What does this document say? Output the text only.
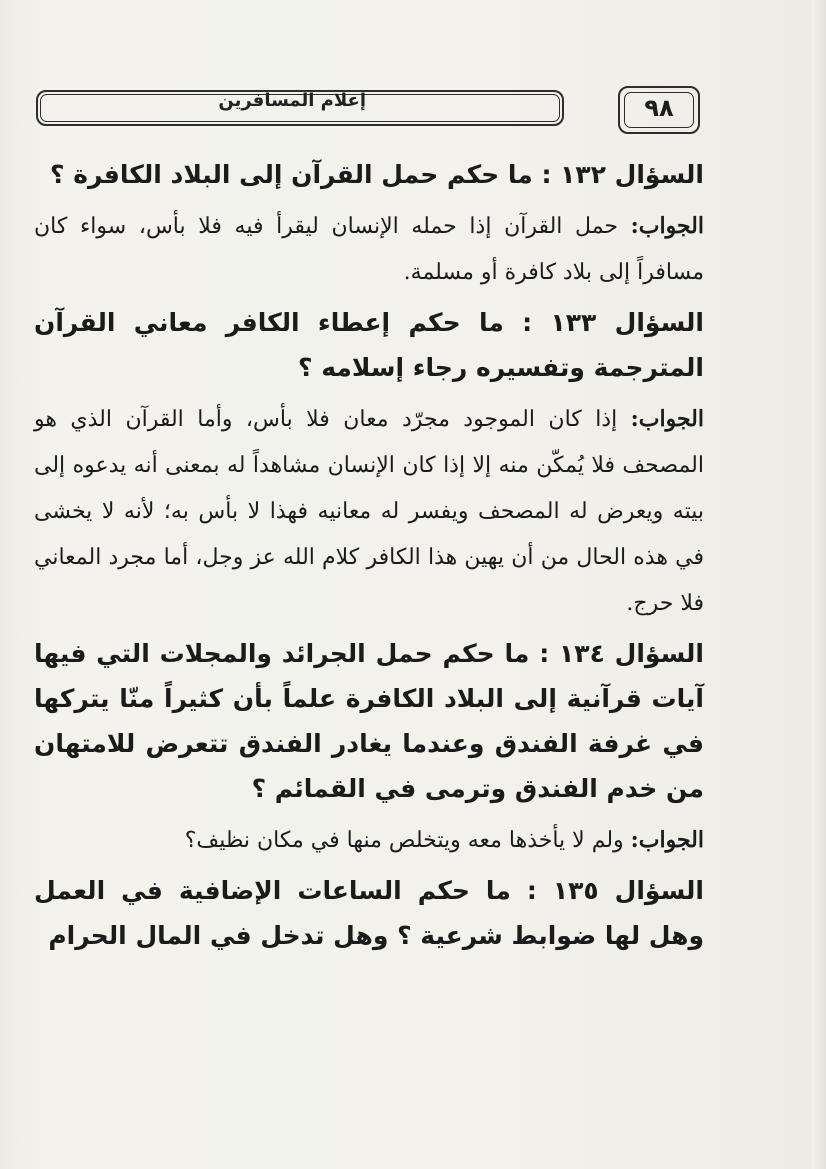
إعلام المسافرين	٩٨

السؤال ١٣٢ : ما حكم حمل القرآن إلى البلاد الكافرة ؟

الجواب: حمل القرآن إذا حمله الإنسان ليقرأ فيه فلا بأس، سواء كان مسافراً إلى بلاد كافرة أو مسلمة.

السؤال ١٣٣ : ما حكم إعطاء الكافر معاني القرآن المترجمة وتفسيره رجاء إسلامه ؟

الجواب: إذا كان الموجود مجرّد معان فلا بأس، وأما القرآن الذي هو المصحف فلا يُمكّن منه إلا إذا كان الإنسان مشاهداً له بمعنى أنه يدعوه إلى بيته ويعرض له المصحف ويفسر له معانيه فهذا لا بأس به؛ لأنه لا يخشى في هذه الحال من أن يهين هذا الكافر كلام الله عز وجل، أما مجرد المعاني فلا حرج.

السؤال ١٣٤ : ما حكم حمل الجرائد والمجلات التي فيها آيات قرآنية إلى البلاد الكافرة علماً بأن كثيراً منّا يتركها في غرفة الفندق وعندما يغادر الفندق تتعرض للامتهان من خدم الفندق وترمى في القمائم ؟

الجواب: ولم لا يأخذها معه ويتخلص منها في مكان نظيف؟

السؤال ١٣٥ : ما حكم الساعات الإضافية في العمل وهل لها ضوابط شرعية ؟ وهل تدخل في المال الحرام
